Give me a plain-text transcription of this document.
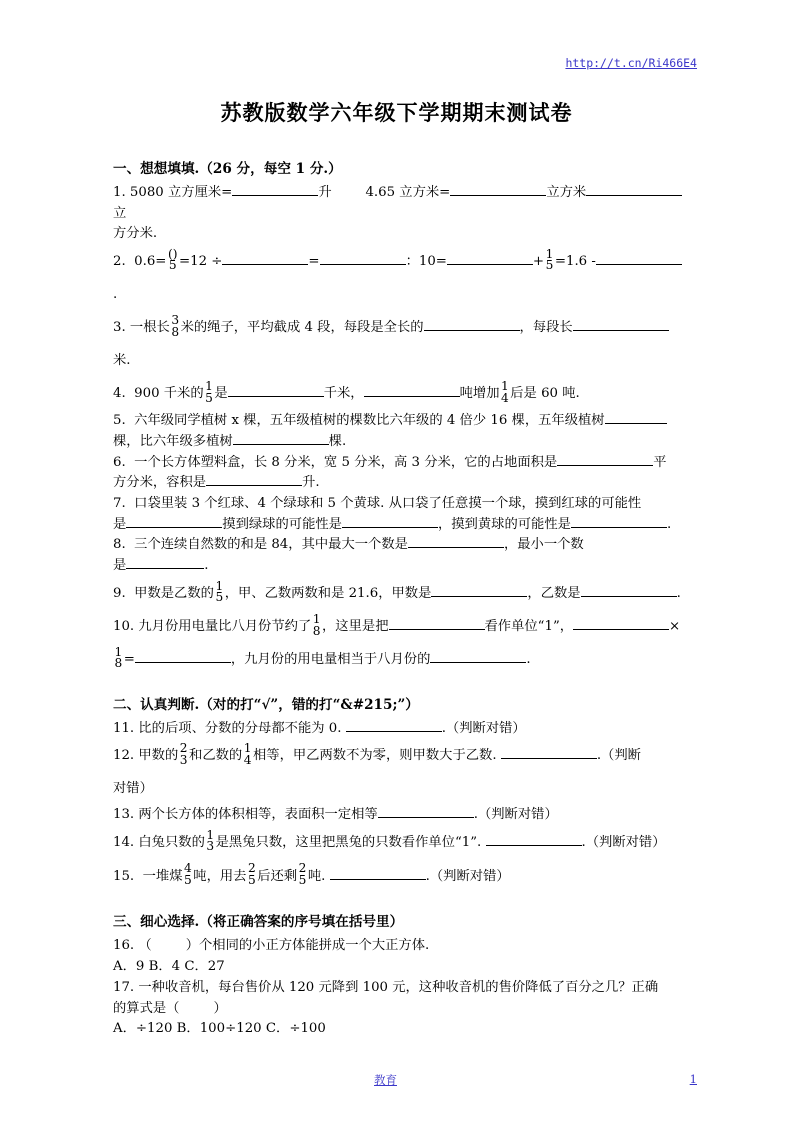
http://t.cn/Ri466E4
苏教版数学六年级下学期期末测试卷
一、想想填填.（26 分，每空 1 分.）
1. 5080 立方厘米=	升	4.65 立方米=	立方米立
方分米.
2. 0.6=
()
5 =12 ÷	=	：10=	+
1
5 =1.6 -.
3. 一根长
3
8 米的绳子，平均截成 4 段，每段是全长的	，每段长米.
4. 900 千米的
1
5 是	千米，	吨增加
1
4 后是 60 吨.
5. 六年级同学植树 x 棵，五年级植树的棵数比六年级的 4 倍少 16 棵，五年级植树
棵，比六年级多植树	棵.
6. 一个长方体塑料盒，长 8 分米，宽 5 分米，高 3 分米，它的占地面积是	平
方分米，容积是	升.
7. 口袋里装 3 个红球、4 个绿球和 5 个黄球. 从口袋了任意摸一个球，摸到红球的可能性
是	摸到绿球的可能性是	，摸到黄球的可能性是	.
8. 三个连续自然数的和是 84，其中最大一个数是	，最小一个数
是	.
9. 甲数是乙数的
1
5 ，甲、乙数两数和是 21.6，甲数是	，乙数是	.
10. 九月份用电量比八月份节约了
1
8 ，这里是把	看作单位“1”，	×

1
8 =	，九月份的用电量相当于八月份的	.
二、认真判断.（对的打“√”，错的打“&#215;”）
11. 比的后项、分数的分母都不能为 0.	.（判断对错）
12. 甲数的
2
3 和乙数的
1
4 相等，甲乙两数不为零，则甲数大于乙数.	.（判断
对错）
13. 两个长方体的体积相等，表面积一定相等	.（判断对错）
14. 白兔只数的
1
3 是黑兔只数，这里把黑兔的只数看作单位“1”.	.（判断对错）
15. 一堆煤
4
5 吨，用去
2
5 后还剩
2
5 吨.	.（判断对错）
三、细心选择.（将正确答案的序号填在括号里）
16. （	）个相同的小正方体能拼成一个大正方体.
A．9 B．4 C．27
17. 一种收音机，每台售价从 120 元降到 100 元，这种收音机的售价降低了百分之几？正确
的算式是（	）
A．÷120 B．100÷120 C．÷100
教育	1
